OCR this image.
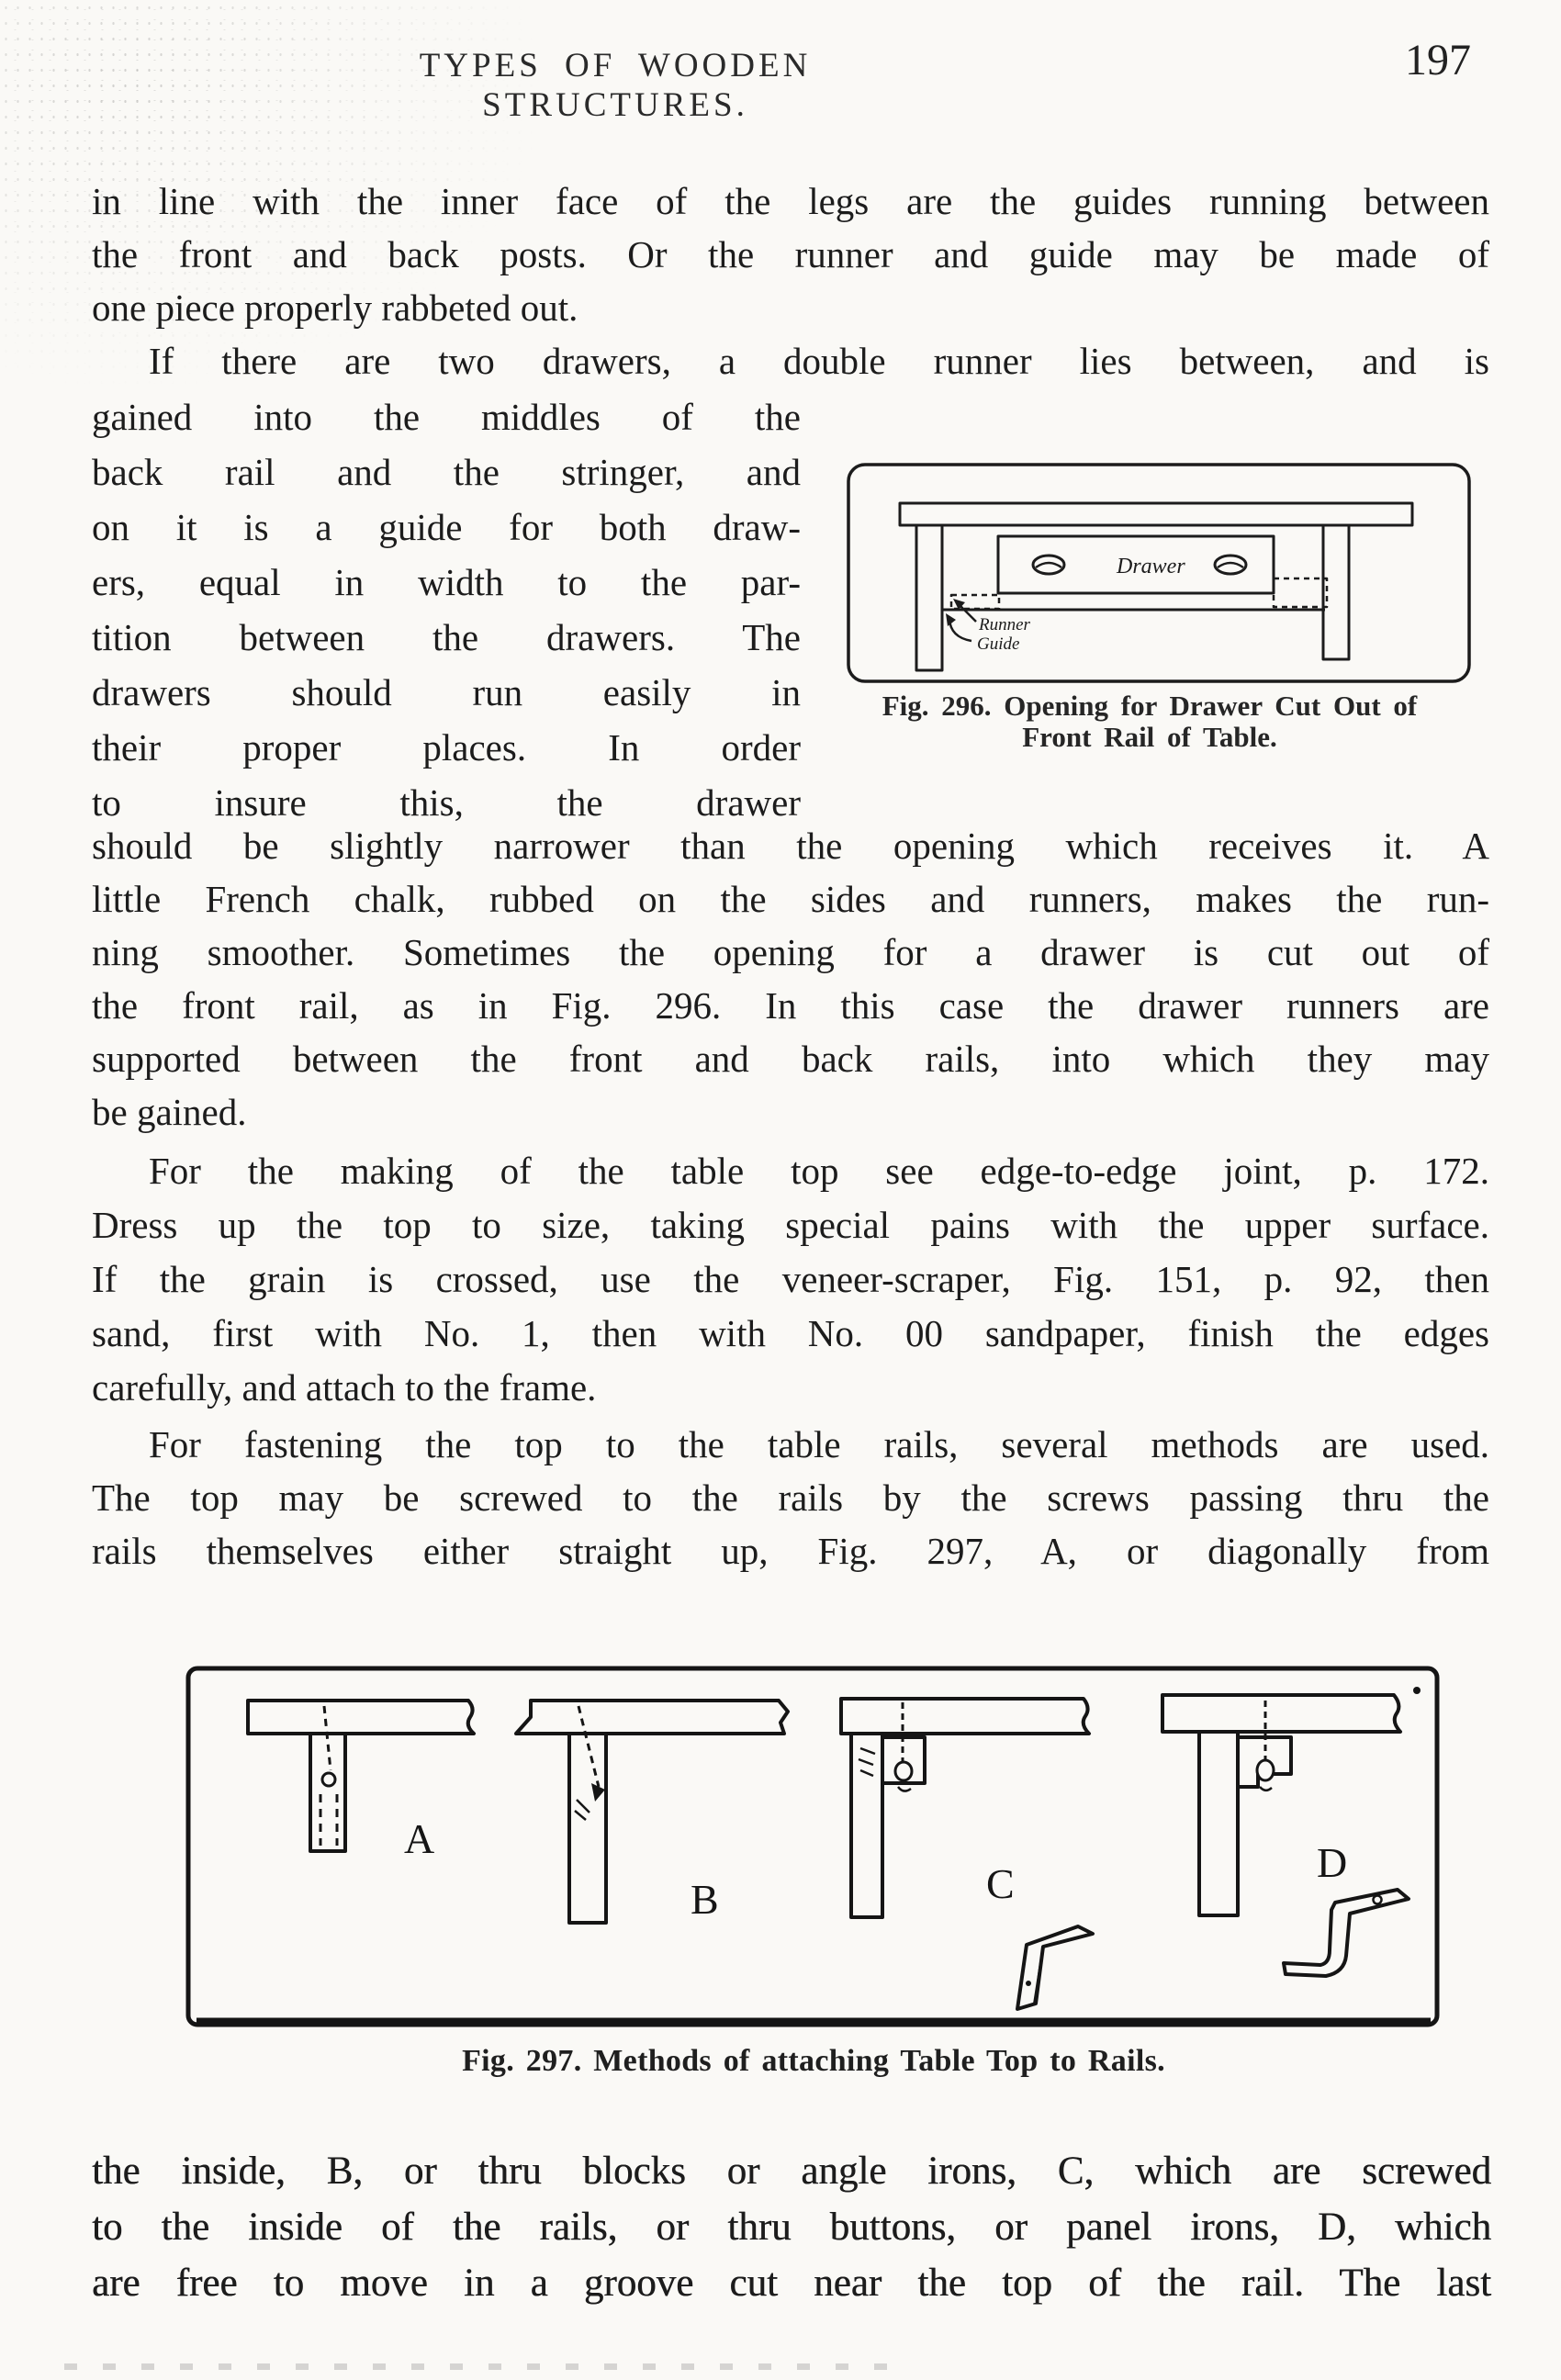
TYPES OF WOODEN STRUCTURES.
197
in line with the inner face of the legs are the guides running between
the front and back posts. Or the runner and guide may be made of
one piece properly rabbeted out.
If there are two drawers, a double runner lies between, and is
gained into the middles of the
back rail and the stringer, and
on it is a guide for both draw-
ers, equal in width to the par-
tition between the drawers. The
drawers should run easily in
their proper places. In order
to insure this, the drawer
Drawer
Runner
Guide
Fig. 296. Opening for Drawer Cut Out of
Front Rail of Table.
should be slightly narrower than the opening which receives it. A
little French chalk, rubbed on the sides and runners, makes the run-
ning smoother. Sometimes the opening for a drawer is cut out of
the front rail, as in Fig. 296. In this case the drawer runners are
supported between the front and back rails, into which they may
be gained.
For the making of the table top see edge-to-edge joint, p. 172.
Dress up the top to size, taking special pains with the upper surface.
If the grain is crossed, use the veneer-scraper, Fig. 151, p. 92, then
sand, first with No. 1, then with No. 00 sandpaper, finish the edges
carefully, and attach to the frame.
For fastening the top to the table rails, several methods are used.
The top may be screwed to the rails by the screws passing thru the
rails themselves either straight up, Fig. 297, A, or diagonally from
A
B	C	D
Fig. 297. Methods of attaching Table Top to Rails.
the inside, B, or thru blocks or angle irons, C, which are screwed
to the inside of the rails, or thru buttons, or panel irons, D, which
are free to move in a groove cut near the top of the rail. The last
